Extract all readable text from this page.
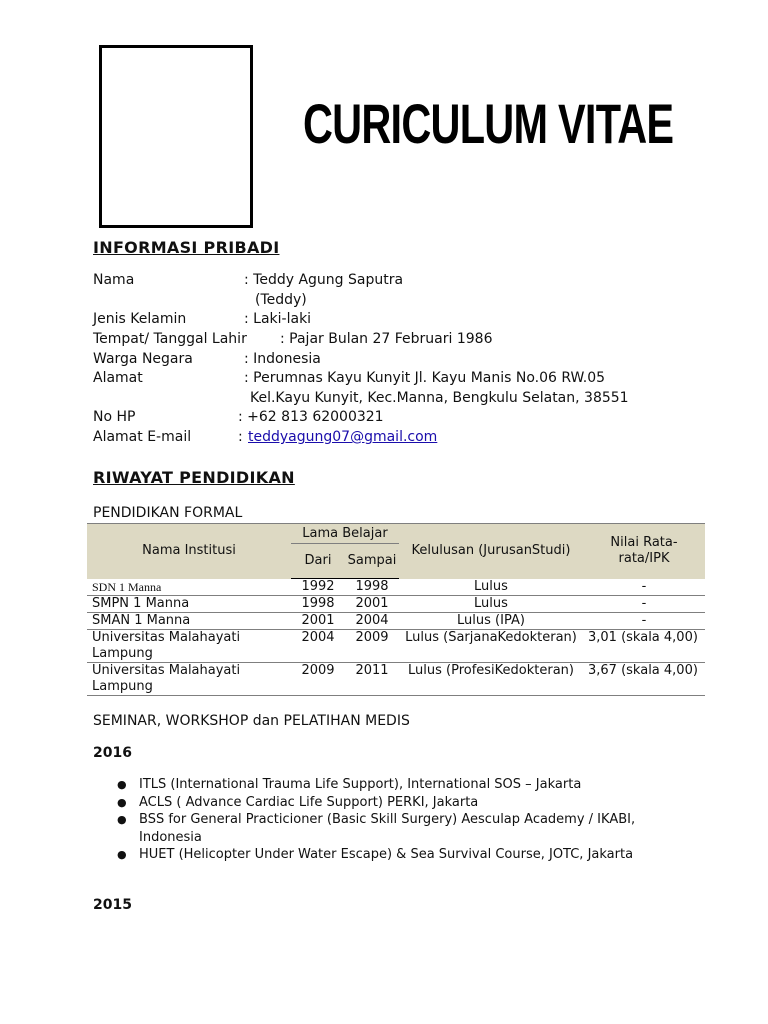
CURICULUM VITAE
INFORMASI PRIBADI
Nama	: Teddy Agung Saputra
(Teddy)
Jenis Kelamin	: Laki-laki
Tempat/ Tanggal Lahir : Pajar Bulan 27 Februari 1986
Warga Negara	: Indonesia
Alamat	: Perumnas Kayu Kunyit Jl. Kayu Manis No.06 RW.05
Kel.Kayu Kunyit, Kec.Manna, Bengkulu Selatan, 38551
No HP	: +62 813 62000321
Alamat E-mail	: teddyagung07@gmail.com
RIWAYAT PENDIDIKAN
PENDIDIKAN FORMAL
Nama Institusi	Lama Belajar		Kelulusan (JurusanStudi)	Nilai Rata-rata/IPK
	Dari	Sampai		
SDN 1 Manna	1992	1998	Lulus	-
SMPN 1 Manna	1998	2001	Lulus	-
SMAN 1 Manna	2001	2004	Lulus (IPA)	-
Universitas Malahayati Lampung	2004	2009	Lulus (SarjanaKedokteran)	3,01 (skala 4,00)
Universitas Malahayati Lampung	2009	2011	Lulus (ProfesiKedokteran)	3,67 (skala 4,00)
SEMINAR, WORKSHOP dan PELATIHAN MEDIS
2016
● ITLS (International Trauma Life Support), International SOS – Jakarta
● ACLS ( Advance Cardiac Life Support) PERKI, Jakarta
● BSS for General Practicioner (Basic Skill Surgery) Aesculap Academy / IKABI, Indonesia
● HUET (Helicopter Under Water Escape) & Sea Survival Course, JOTC, Jakarta
2015
